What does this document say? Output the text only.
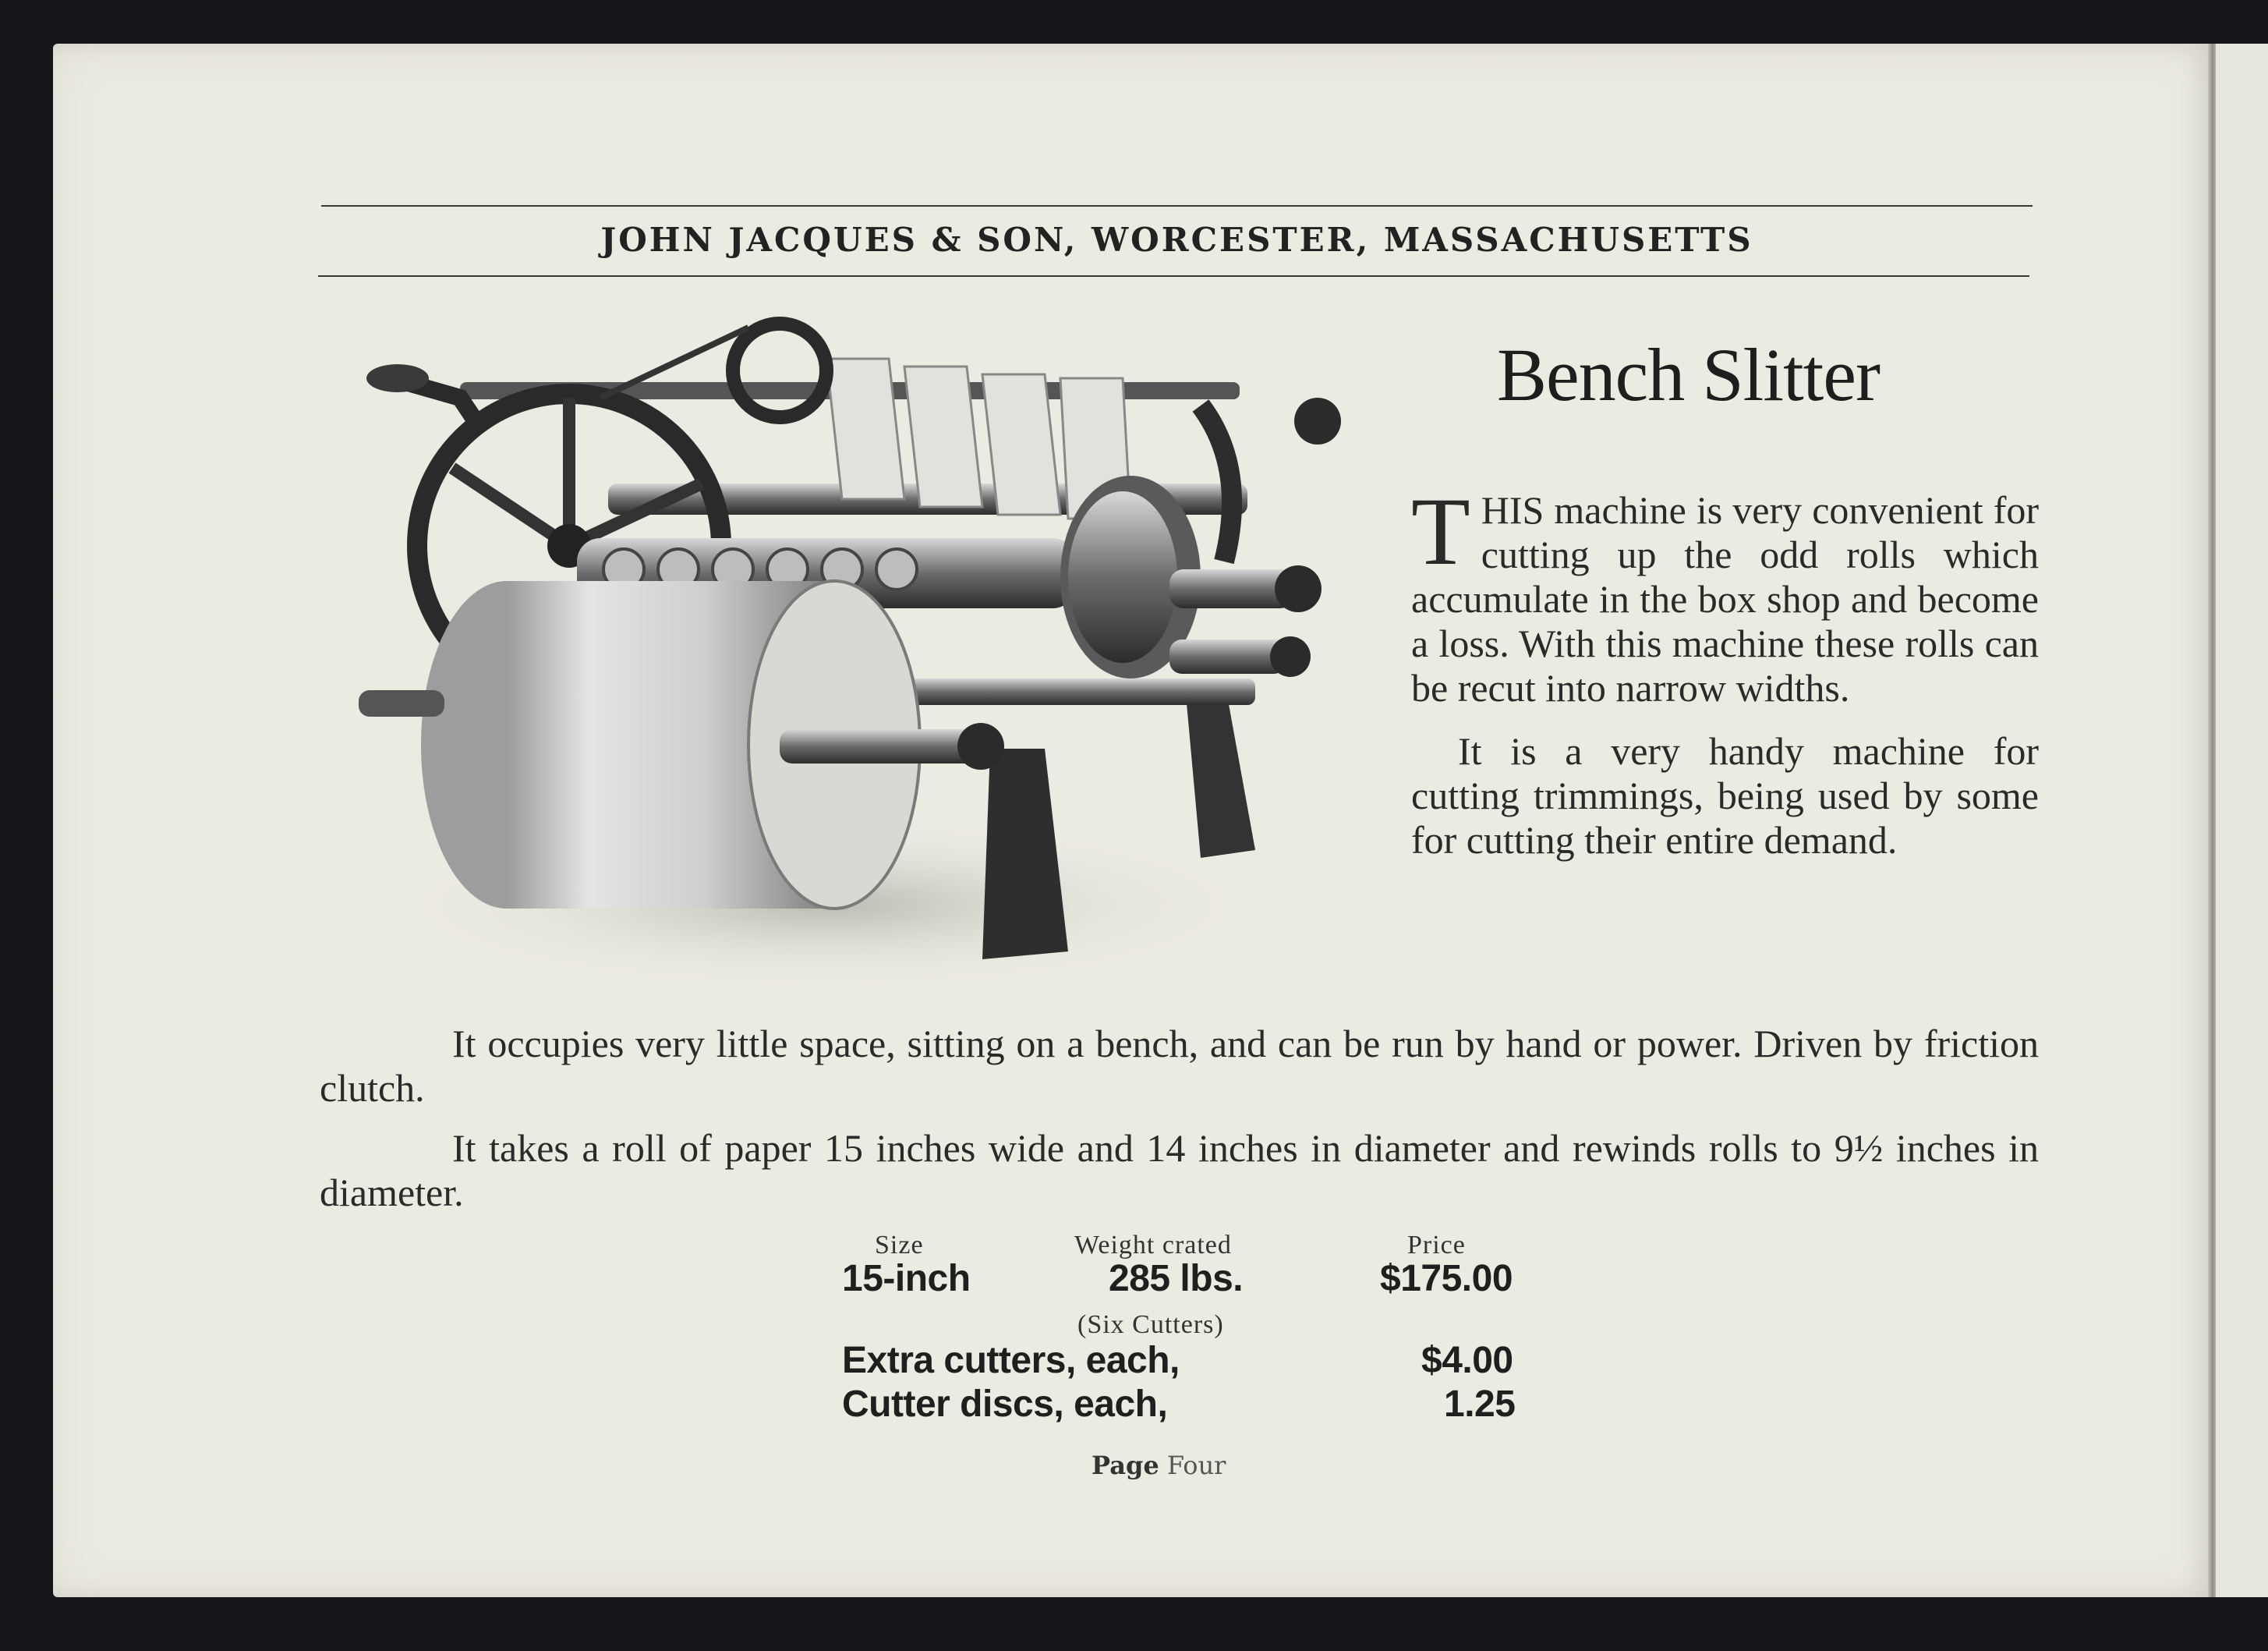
JOHN JACQUES & SON, WORCESTER, MASSACHUSETTS
Bench Slitter

THIS machine is very convenient for cutting up the odd rolls which accumulate in the box shop and become a loss. With this machine these rolls can be recut into narrow widths.

It is a very handy machine for cutting trimmings, being used by some for cutting their entire demand.

It occupies very little space, sitting on a bench, and can be run by hand or power. Driven by friction clutch.

It takes a roll of paper 15 inches wide and 14 inches in diameter and rewinds rolls to 9½ inches in diameter.

Size	Weight crated	Price
15-inch	285 lbs.	$175.00
(Six Cutters)
Extra cutters, each,	$4.00
Cutter discs, each,	1.25
Page Four
